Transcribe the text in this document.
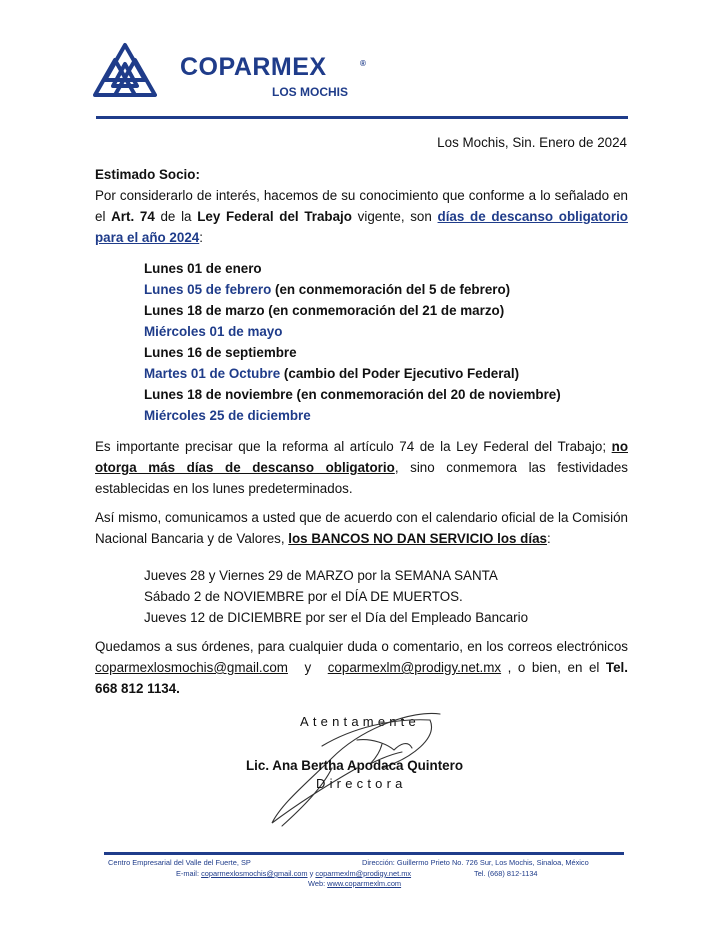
COPARMEX	®
LOS MOCHIS
Los Mochis, Sin. Enero de 2024
Estimado Socio:
Por considerarlo de interés, hacemos de su conocimiento que conforme a lo señalado en el Art. 74 de la Ley Federal del Trabajo vigente, son días de descanso obligatorio para el año 2024:
Lunes 01 de enero
Lunes 05 de febrero (en conmemoración del 5 de febrero)
Lunes 18 de marzo (en conmemoración del 21 de marzo)
Miércoles 01 de mayo
Lunes 16 de septiembre
Martes 01 de Octubre (cambio del Poder Ejecutivo Federal)
Lunes 18 de noviembre (en conmemoración del 20 de noviembre)
Miércoles 25 de diciembre
Es importante precisar que la reforma al artículo 74 de la Ley Federal del Trabajo; no otorga más días de descanso obligatorio, sino conmemora las festividades establecidas en los lunes predeterminados.
Así mismo, comunicamos a usted que de acuerdo con el calendario oficial de la Comisión Nacional Bancaria y de Valores, los BANCOS NO DAN SERVICIO los días:
Jueves 28 y Viernes 29 de MARZO por la SEMANA SANTA
Sábado 2 de NOVIEMBRE por el DÍA DE MUERTOS.
Jueves 12 de DICIEMBRE por ser el Día del Empleado Bancario
Quedamos a sus órdenes, para cualquier duda o comentario, en los correos electrónicos coparmexlosmochis@gmail.com y coparmexlm@prodigy.net.mx , o bien, en el Tel. 668 812 1134.
Atentamente
Lic. Ana Bertha Apodaca Quintero
Directora
Centro Empresarial del Valle del Fuerte, SP	Dirección: Guillermo Prieto No. 726 Sur, Los Mochis, Sinaloa, México
E-mail: coparmexlosmochis@gmail.com y coparmexlm@prodigy.net.mx	Tel. (668) 812-1134
Web: www.coparmexlm.com
